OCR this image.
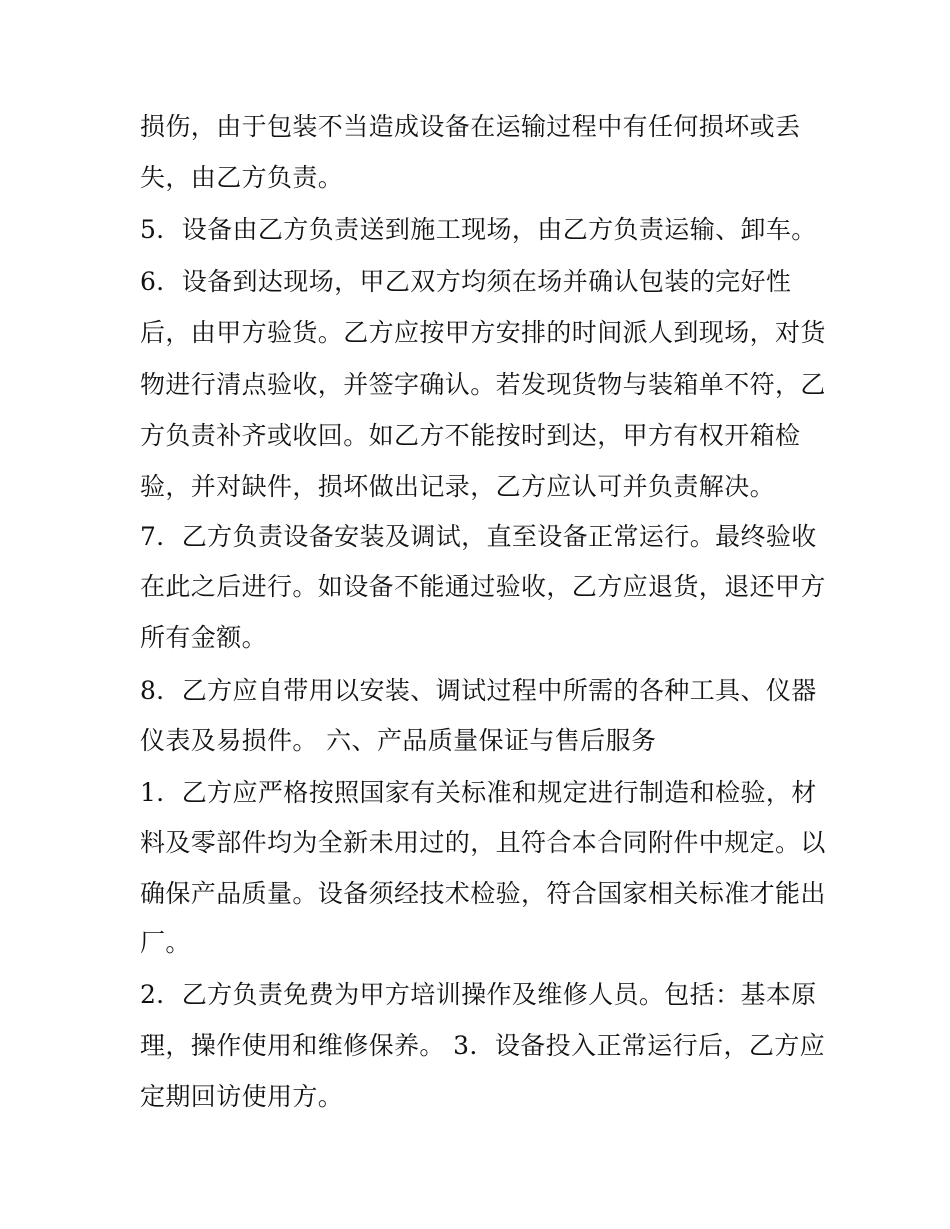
损伤，由于包装不当造成设备在运输过程中有任何损坏或丢
失，由乙方负责。
5．设备由乙方负责送到施工现场，由乙方负责运输、卸车。
6．设备到达现场，甲乙双方均须在场并确认包装的完好性
后，由甲方验货。乙方应按甲方安排的时间派人到现场，对货
物进行清点验收，并签字确认。若发现货物与装箱单不符，乙
方负责补齐或收回。如乙方不能按时到达，甲方有权开箱检
验，并对缺件，损坏做出记录，乙方应认可并负责解决。
7．乙方负责设备安装及调试，直至设备正常运行。最终验收
在此之后进行。如设备不能通过验收，乙方应退货，退还甲方
所有金额。
8．乙方应自带用以安装、调试过程中所需的各种工具、仪器
仪表及易损件。 六、产品质量保证与售后服务
1．乙方应严格按照国家有关标准和规定进行制造和检验，材
料及零部件均为全新未用过的，且符合本合同附件中规定。以
确保产品质量。设备须经技术检验，符合国家相关标准才能出
厂。
2．乙方负责免费为甲方培训操作及维修人员。包括：基本原
理，操作使用和维修保养。 3．设备投入正常运行后，乙方应
定期回访使用方。
